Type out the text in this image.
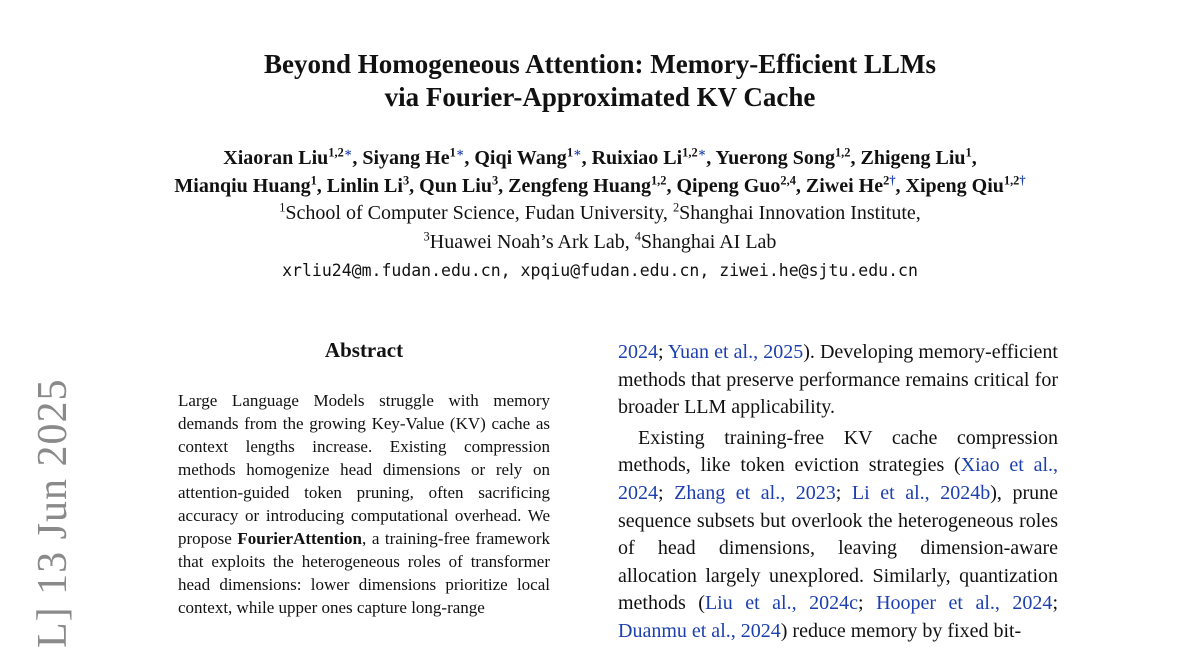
Beyond Homogeneous Attention: Memory-Efficient LLMs
via Fourier-Approximated KV Cache
Xiaoran Liu$^{1,2∗}$, Siyang $He^{1∗}$, Qiqi Wang$^{1∗}$, Ruixiao $Li^{1,2∗}$, Yuerong Song$^{1,2}$, Zhigeng Liu$^1$,
Mianqiu Huang$^1$, Linlin Li$^3$, Qun Liu$^3$, Zengfeng Huang$^{1,2}$, Qipeng Guo$^{2,4}$, Ziwei $He^{2\dagger}$, Xipeng Qiu$^{1,2\dagger}$
$^1$School of Computer Science, Fudan University, $^2$Shanghai Innovation Institute,
$^3$Huawei Noah’s Ark Lab, $^4$Shanghai AI Lab
xrliu24@m.fudan.edu.cn, xpqiu@fudan.edu.cn, ziwei.he@sjtu.edu.cn
L] 13 Jun 2025
Abstract
Large Language Models struggle with memory demands from the growing Key-Value (KV) cache as context lengths increase. Existing compression methods homogenize head dimensions or rely on attention-guided token pruning, often sacrificing accuracy or introducing computational overhead. We propose FourierAttention, a training-free framework that exploits the heterogeneous roles of transformer head dimensions: lower dimensions prioritize local context, while upper ones capture long-range

2024; Yuan et al., 2025). Developing memory-efficient methods that preserve performance remains critical for broader LLM applicability.

Existing training-free KV cache compression methods, like token eviction strategies (Xiao et al., 2024; Zhang et al., 2023; Li et al., 2024b), prune sequence subsets but overlook the heterogeneous roles of head dimensions, leaving dimension-aware allocation largely unexplored. Similarly, quantization methods (Liu et al., 2024c; Hooper et al., 2024; Duanmu et al., 2024) reduce memory by fixed bit-
